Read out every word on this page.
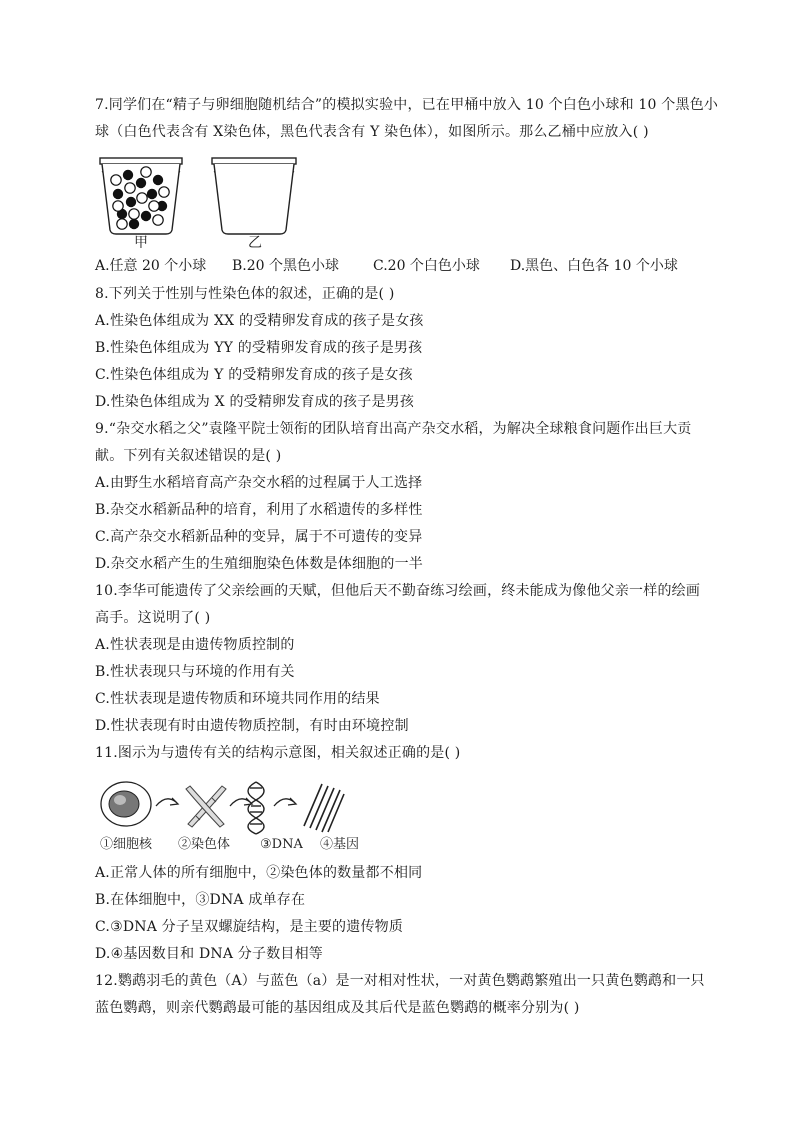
7.同学们在“精子与卵细胞随机结合”的模拟实验中，已在甲桶中放入 10 个白色小球和 10 个黑色小
球（白色代表含有 X染色体，黑色代表含有 Y 染色体），如图所示。那么乙桶中应放入( )
甲	乙
A.任意 20 个小球 B.20 个黑色小球 C.20 个白色小球 D.黑色、白色各 10 个小球
8.下列关于性别与性染色体的叙述，正确的是( )
A.性染色体组成为 XX 的受精卵发育成的孩子是女孩
B.性染色体组成为 YY 的受精卵发育成的孩子是男孩
C.性染色体组成为 Y 的受精卵发育成的孩子是女孩
D.性染色体组成为 X 的受精卵发育成的孩子是男孩
9.“杂交水稻之父”袁隆平院士领衔的团队培育出高产杂交水稻，为解决全球粮食问题作出巨大贡
献。下列有关叙述错误的是( )
A.由野生水稻培育高产杂交水稻的过程属于人工选择
B.杂交水稻新品种的培育，利用了水稻遗传的多样性
C.高产杂交水稻新品种的变异，属于不可遗传的变异
D.杂交水稻产生的生殖细胞染色体数是体细胞的一半
10.李华可能遗传了父亲绘画的天赋，但他后天不勤奋练习绘画，终未能成为像他父亲一样的绘画
高手。这说明了( )
A.性状表现是由遗传物质控制的
B.性状表现只与环境的作用有关
C.性状表现是遗传物质和环境共同作用的结果
D.性状表现有时由遗传物质控制，有时由环境控制
11.图示为与遗传有关的结构示意图，相关叙述正确的是( )
①细胞核 ②染色体 ③DNA ④基因
A.正常人体的所有细胞中，②染色体的数量都不相同
B.在体细胞中，③DNA 成单存在
C.③DNA 分子呈双螺旋结构，是主要的遗传物质
D.④基因数目和 DNA 分子数目相等
12.鹦鹉羽毛的黄色（A）与蓝色（a）是一对相对性状，一对黄色鹦鹉繁殖出一只黄色鹦鹉和一只
蓝色鹦鹉，则亲代鹦鹉最可能的基因组成及其后代是蓝色鹦鹉的概率分别为( )
